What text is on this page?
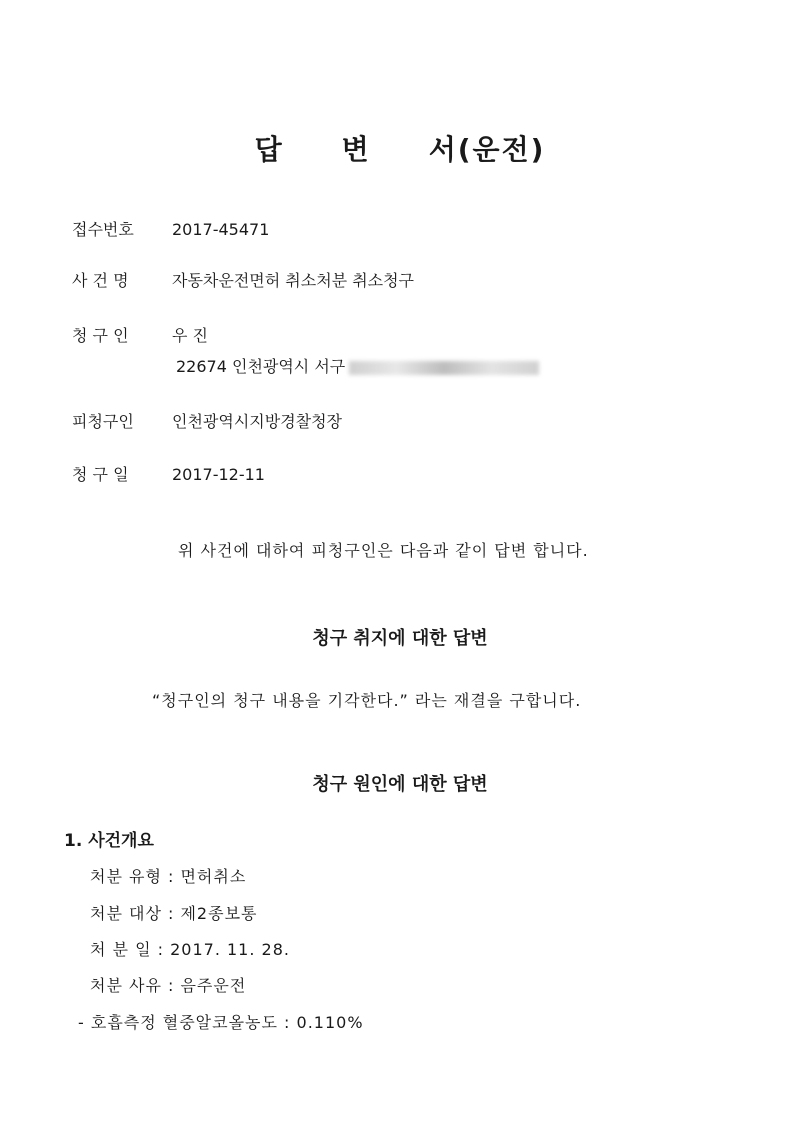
답 변 서(운전)
접수번호 2017-45471
사 건 명	자동차운전면허 취소처분 취소청구
청 구 인	우 진
22674 인천광역시 서구
피청구인 인천광역시지방경찰청장
청 구 일	2017-12-11
위 사건에 대하여 피청구인은 다음과 같이 답변 합니다.
청구 취지에 대한 답변
“청구인의 청구 내용을 기각한다.” 라는 재결을 구합니다.
청구 원인에 대한 답변
1. 사건개요
처분 유형 : 면허취소
처분 대상 : 제2종보통
처 분 일 : 2017. 11. 28.
처분 사유 : 음주운전
- 호흡측정 혈중알코올농도 : 0.110%
